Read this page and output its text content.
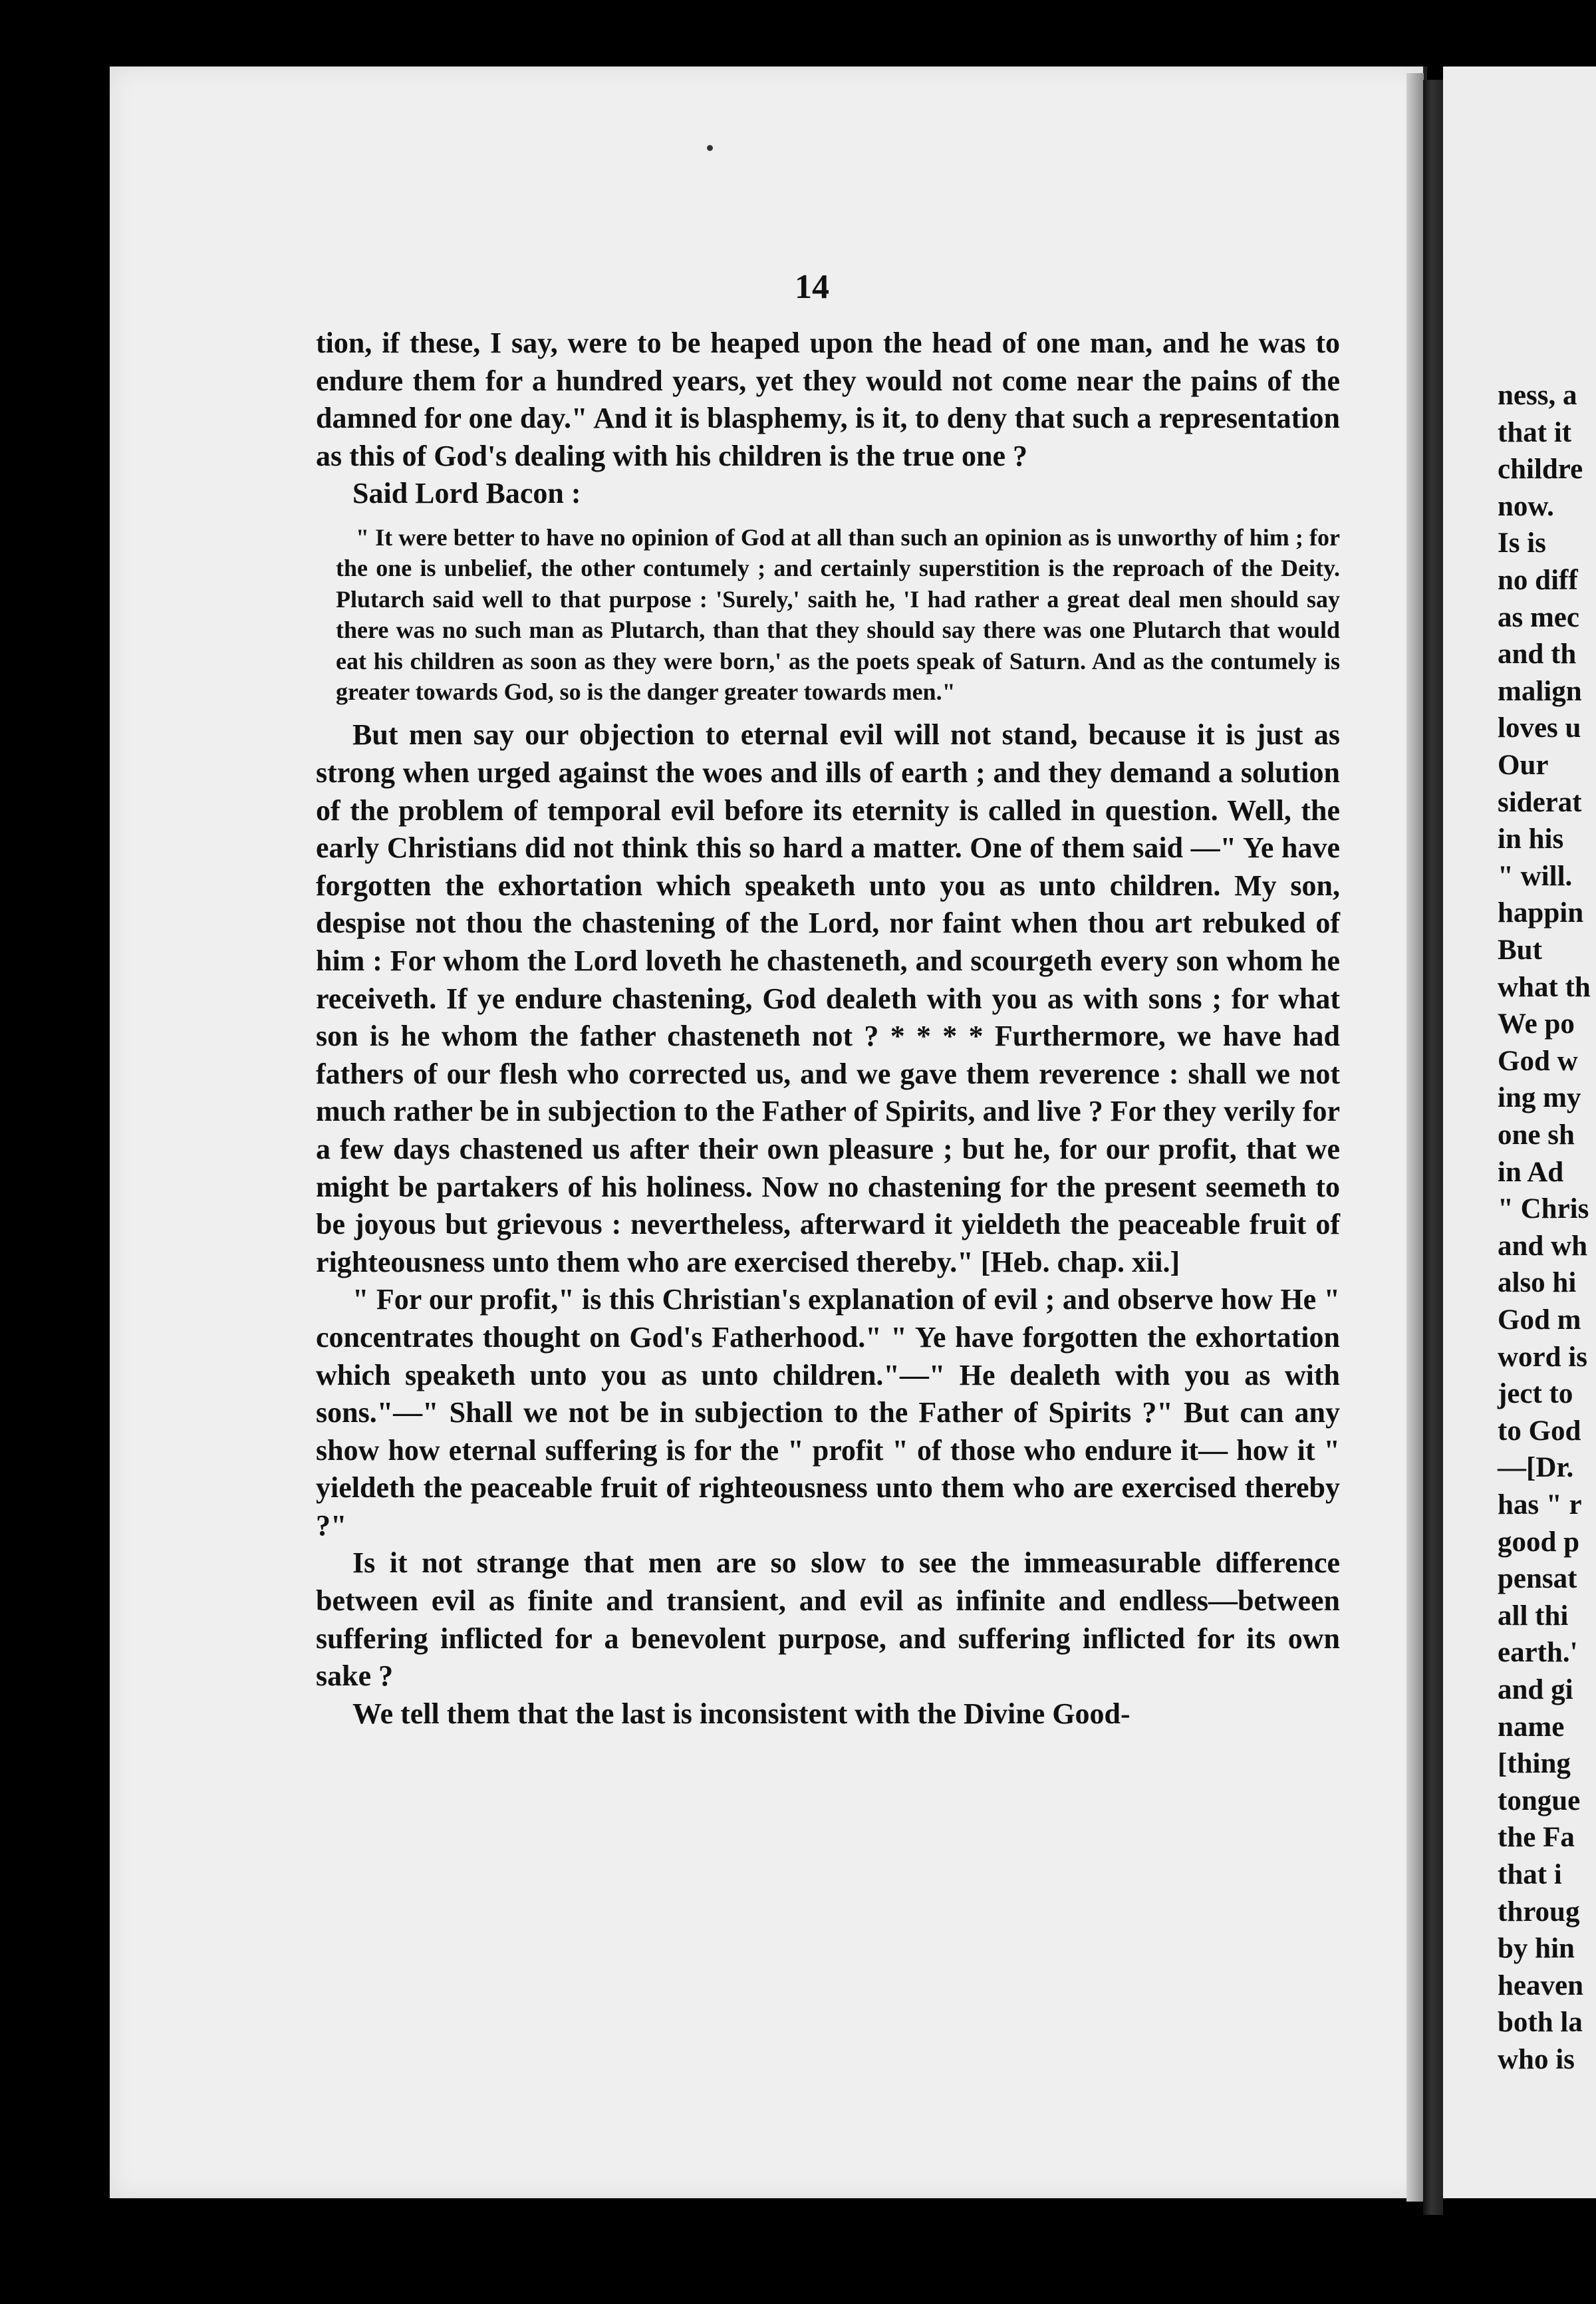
14

tion, if these, I say, were to be heaped upon the head of one man, and he was to endure them for a hundred years, yet they would not come near the pains of the damned for one day." And it is blasphemy, is it, to deny that such a representation as this of God's dealing with his children is the true one ?

Said Lord Bacon :

" It were better to have no opinion of God at all than such an opinion as is unworthy of him ; for the one is unbelief, the other contumely ; and certainly superstition is the reproach of the Deity. Plutarch said well to that purpose : 'Surely,' saith he, 'I had rather a great deal men should say there was no such man as Plutarch, than that they should say there was one Plutarch that would eat his children as soon as they were born,' as the poets speak of Saturn. And as the contumely is greater towards God, so is the danger greater towards men."

But men say our objection to eternal evil will not stand, because it is just as strong when urged against the woes and ills of earth ; and they demand a solution of the problem of temporal evil before its eternity is called in question. Well, the early Christians did not think this so hard a matter. One of them said —" Ye have forgotten the exhortation which speaketh unto you as unto children. My son, despise not thou the chastening of the Lord, nor faint when thou art rebuked of him : For whom the Lord loveth he chasteneth, and scourgeth every son whom he receiveth. If ye endure chastening, God dealeth with you as with sons ; for what son is he whom the father chasteneth not ? * * * * Furthermore, we have had fathers of our flesh who corrected us, and we gave them reverence : shall we not much rather be in subjection to the Father of Spirits, and live ? For they verily for a few days chastened us after their own pleasure ; but he, for our profit, that we might be partakers of his holiness. Now no chastening for the present seemeth to be joyous but grievous : nevertheless, afterward it yieldeth the peaceable fruit of righteousness unto them who are exercised thereby." [Heb. chap. xii.]

" For our profit," is this Christian's explanation of evil ; and observe how He " concentrates thought on God's Fatherhood." " Ye have forgotten the exhortation which speaketh unto you as unto children."—" He dealeth with you as with sons."—" Shall we not be in subjection to the Father of Spirits ?" But can any show how eternal suffering is for the " profit " of those who endure it— how it " yieldeth the peaceable fruit of righteousness unto them who are exercised thereby ?"

Is it not strange that men are so slow to see the immeasurable difference between evil as finite and transient, and evil as infinite and endless—between suffering inflicted for a benevolent purpose, and suffering inflicted for its own sake ?

We tell them that the last is inconsistent with the Divine Good-

ness, a
that it
childre
now.
Is is
no diff
as mec
and th
malign
loves u
Our
siderat
in his
" will.
happin
But
what th
We po
God w
ing my
one sh
in Ad
" Chris
and wh
also hi
God m
word is
ject to
to God
—[Dr.
has " r
good p
pensat
all thi
earth.'
and gi
name
[thing
tongue
the Fa
that i
throug
by hin
heaven
both la
who is
